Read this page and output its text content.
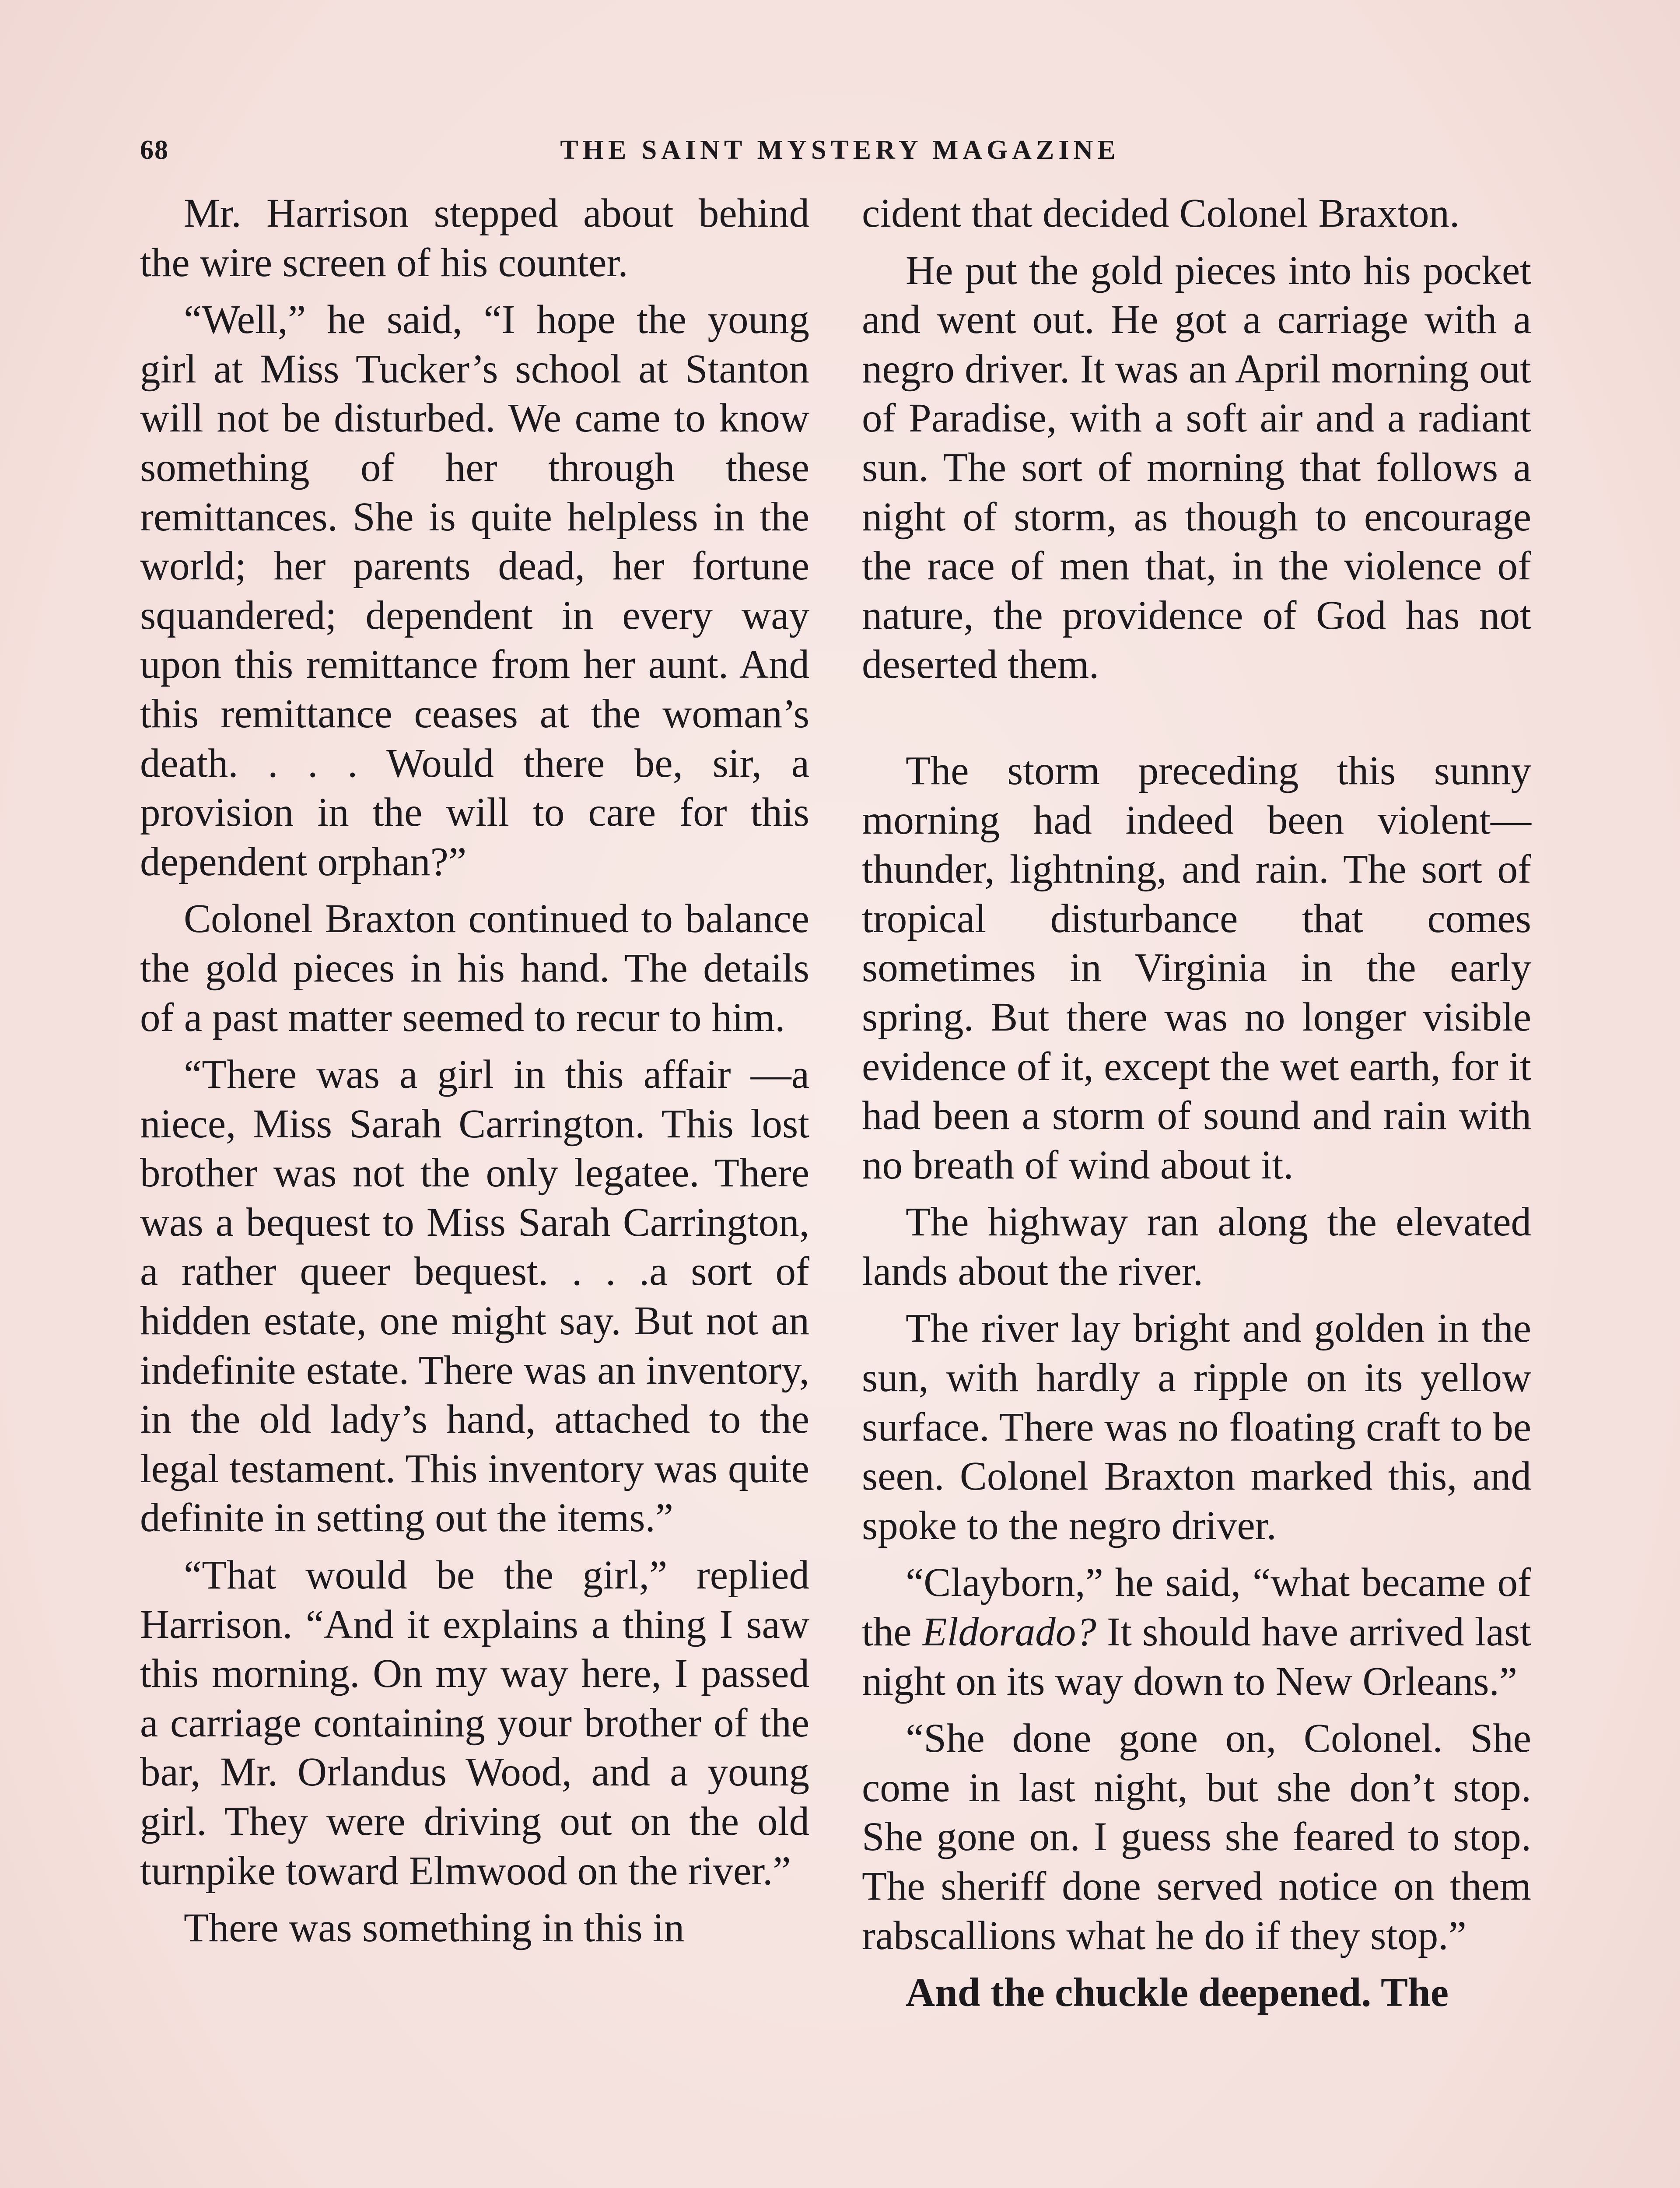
68	THE SAINT MYSTERY MAGAZINE

Mr. Harrison stepped about behind the wire screen of his counter.

“Well,” he said, “I hope the young girl at Miss Tucker’s school at Stanton will not be disturbed. We came to know something of her through these remittances. She is quite helpless in the world; her parents dead, her fortune squandered; dependent in every way upon this remittance from her aunt. And this remittance ceases at the woman’s death. . . . Would there be, sir, a provision in the will to care for this dependent orphan?”

Colonel Braxton continued to balance the gold pieces in his hand. The details of a past matter seemed to recur to him.

“There was a girl in this affair —a niece, Miss Sarah Carrington. This lost brother was not the only legatee. There was a bequest to Miss Sarah Carrington, a rather queer bequest. . . .a sort of hidden estate, one might say. But not an indefinite estate. There was an inventory, in the old lady’s hand, attached to the legal testament. This inventory was quite definite in setting out the items.”

“That would be the girl,” replied Harrison. “And it explains a thing I saw this morning. On my way here, I passed a carriage containing your brother of the bar, Mr. Orlandus Wood, and a young girl. They were driving out on the old turnpike toward Elmwood on the river.”

There was something in this in

cident that decided Colonel Braxton.

He put the gold pieces into his pocket and went out. He got a carriage with a negro driver. It was an April morning out of Paradise, with a soft air and a radiant sun. The sort of morning that follows a night of storm, as though to encourage the race of men that, in the violence of nature, the providence of God has not deserted them.

The storm preceding this sunny morning had indeed been violent—thunder, lightning, and rain. The sort of tropical disturbance that comes sometimes in Virginia in the early spring. But there was no longer visible evidence of it, except the wet earth, for it had been a storm of sound and rain with no breath of wind about it.

The highway ran along the elevated lands about the river.

The river lay bright and golden in the sun, with hardly a ripple on its yellow surface. There was no floating craft to be seen. Colonel Braxton marked this, and spoke to the negro driver.

“Clayborn,” he said, “what became of the Eldorado? It should have arrived last night on its way down to New Orleans.”

“She done gone on, Colonel. She come in last night, but she don’t stop. She gone on. I guess she feared to stop. The sheriff done served notice on them rabscallions what he do if they stop.”

And the chuckle deepened. The
